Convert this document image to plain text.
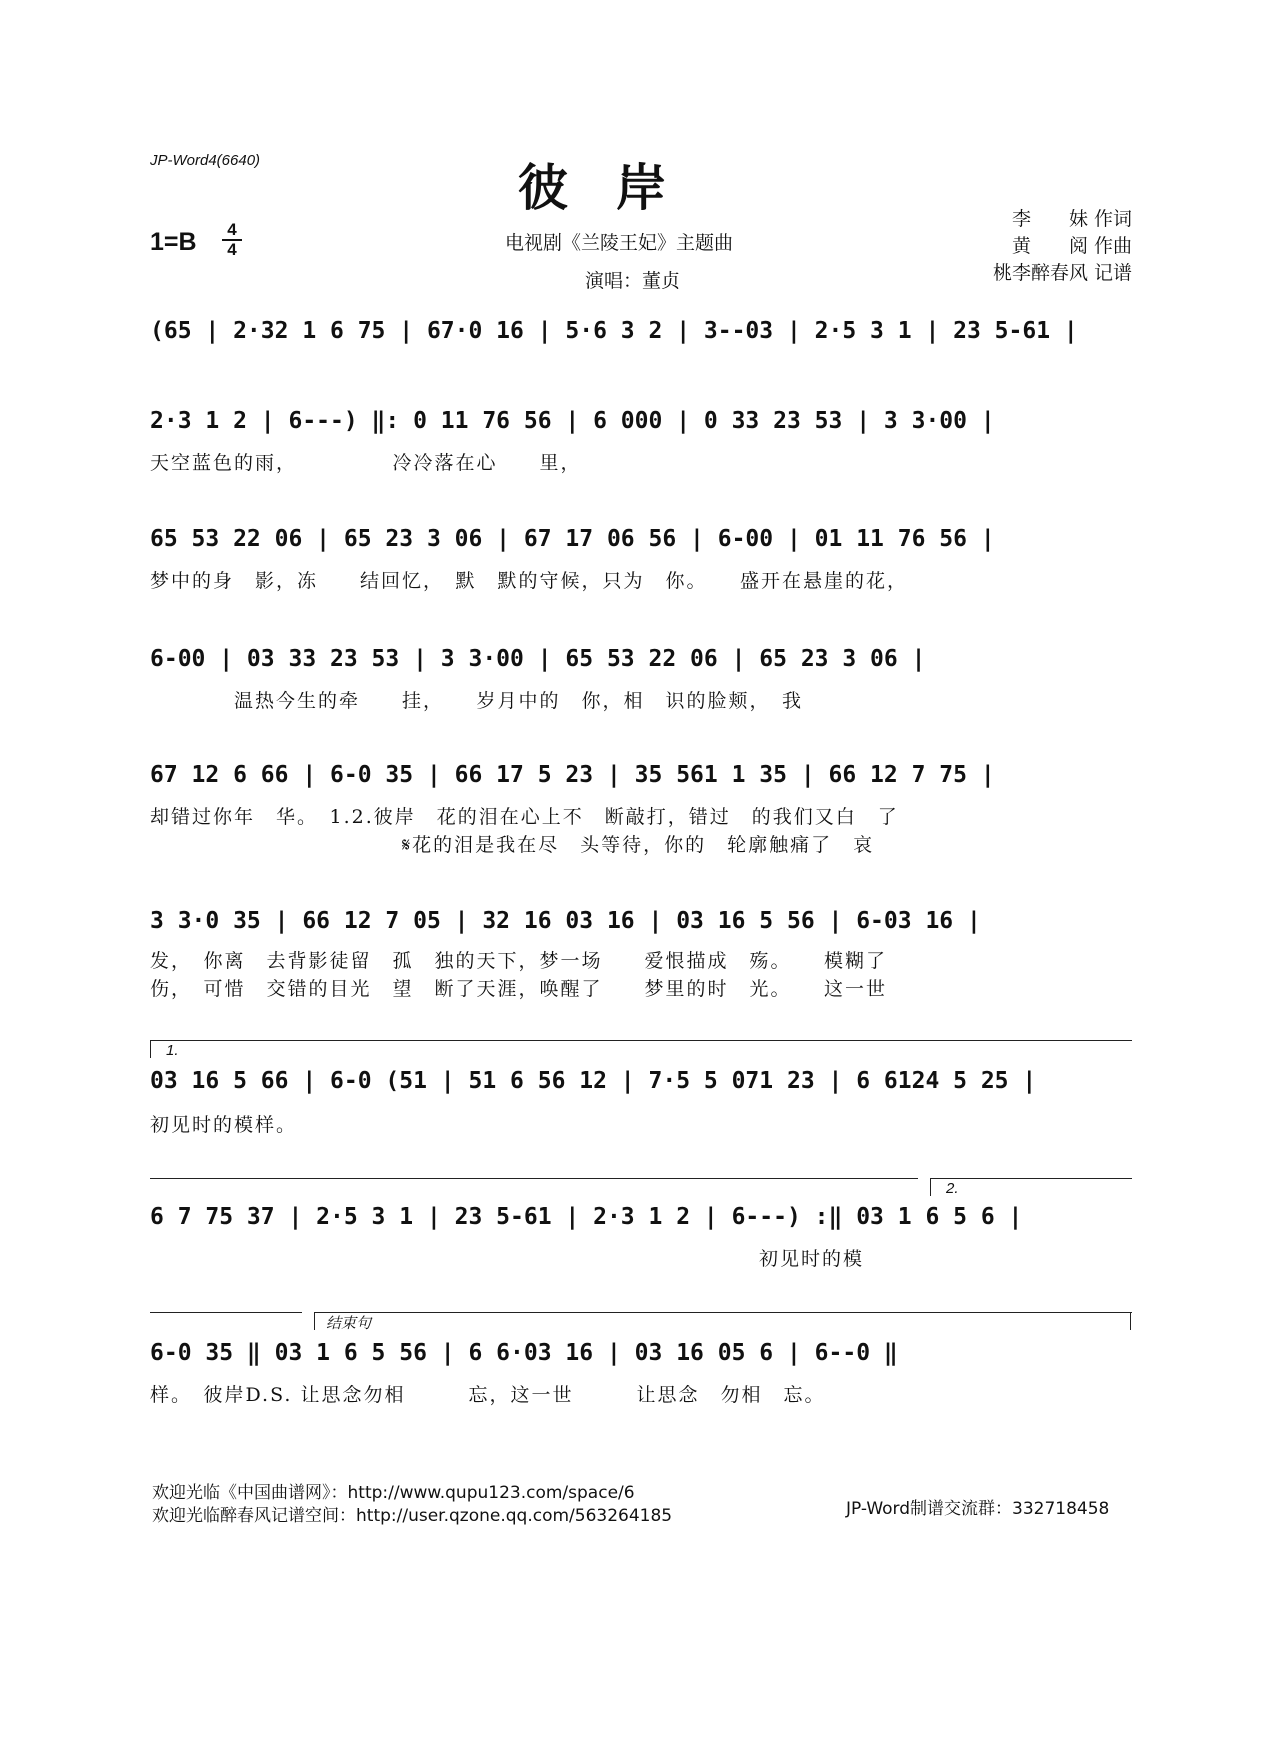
JP-Word4(6640)	彼岸
1=B	4
4	电视剧《兰陵王妃》主题曲
演唱：董贞
李　　妹 作词
黄　　阅 作曲
桃李醉春风 记谱
(65 | 2·32 1 6 75 | 67·0 16 | 5·6 3 2 | 3--03 | 2·5 3 1 | 23 5-61 |
2·3 1 2 | 6---) ‖: 0 11 76 56 | 6 000 | 0 33 23 53 | 3 3·00 |
天空蓝色的雨，　　　　　冷冷落在心　　里，
65 53 22 06 | 65 23 3 06 | 67 17 06 56 | 6-00 | 01 11 76 56 |
梦中的身　影，冻　　结回忆，　默　默的守候，只为　你。　　盛开在悬崖的花，
6-00 | 03 33 23 53 | 3 3·00 | 65 53 22 06 | 65 23 3 06 |
　　　　温热今生的牵　　挂，　　岁月中的　你，相　识的脸颊，　我
67 12 6 66 | 6-0 35 | 66 17 5 23 | 35 561 1 35 | 66 12 7 75 |
却错过你年　华。　1.2.彼岸　花的泪在心上不　断敲打，错过　的我们又白　了
　　　　　　　　　　　　𝄋花的泪是我在尽　头等待，你的　轮廓触痛了　哀
3 3·0 35 | 66 12 7 05 | 32 16 03 16 | 03 16 5 56 | 6-03 16 |
发，　你离　去背影徒留　孤　独的天下，梦一场　　爱恨描成　殇。　　模糊了
伤，　可惜　交错的目光　望　断了天涯，唤醒了　　梦里的时　光。　　这一世
1.
03 16 5 66 | 6-0 (51 | 51 6 56 12 | 7·5 5 071 23 | 6 6124 5 25 |
初见时的模样。
2.
6 7 75 37 | 2·5 3 1 | 23 5-61 | 2·3 1 2 | 6---) :‖ 03 1 6 5 6 |
　　　　　　　　　　　　　　　　　　　　　　　　　　　　　初见时的模
结束句
6-0 35 ‖ 03 1 6 5 56 | 6 6·03 16 | 03 16 05 6 | 6--0 ‖
样。　彼岸D.S. 让思念勿相　　　忘，这一世　　　让思念　勿相　忘。
欢迎光临《中国曲谱网》：http://www.qupu123.com/space/6
欢迎光临醉春风记谱空间：http://user.qzone.qq.com/563264185	JP-Word制谱交流群：332718458
